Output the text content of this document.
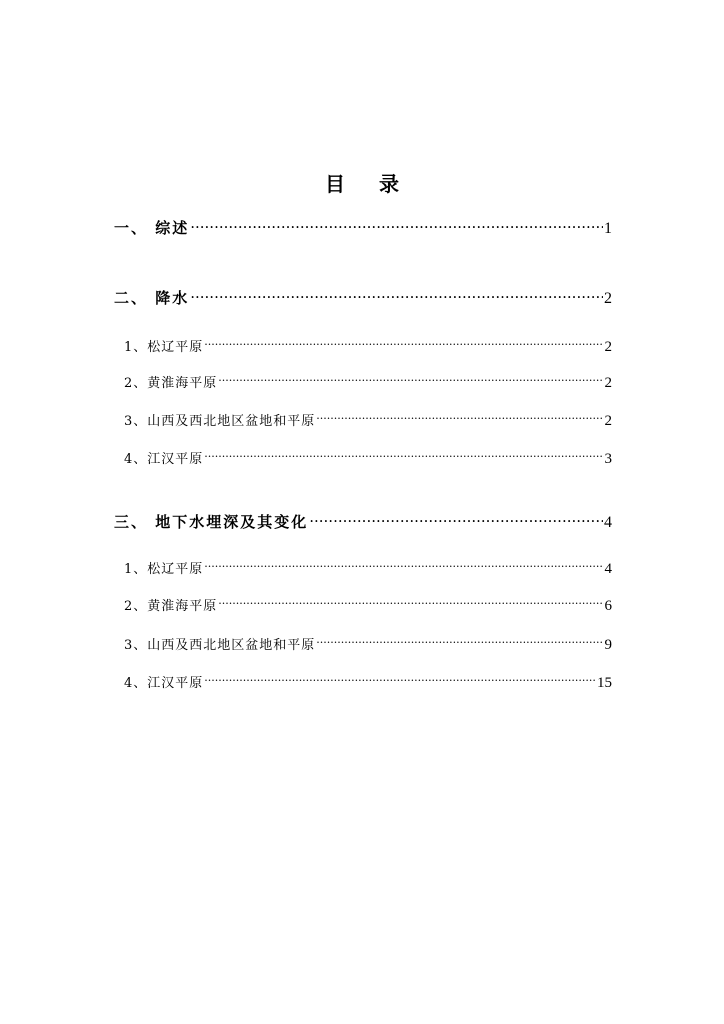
目 录
一、 综述 .....	1
二、 降水 .....	2
1、松辽平原 .....	2
2、黄淮海平原 .....	2
3、山西及西北地区盆地和平原 .....	2
4、江汉平原 .....	3
三、 地下水埋深及其变化 .....	4
1、松辽平原 .....	4
2、黄淮海平原 .....	6
3、山西及西北地区盆地和平原 .....	9
4、江汉平原 .....	15
